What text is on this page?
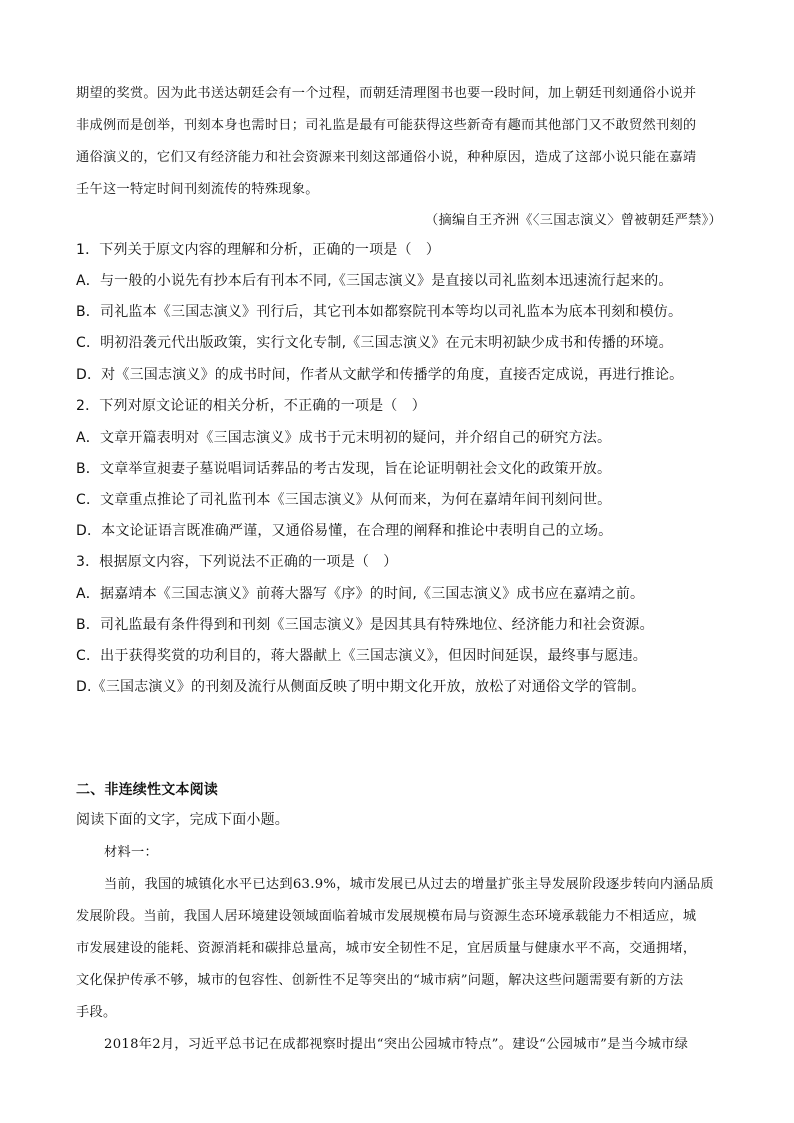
期望的奖赏。因为此书送达朝廷会有一个过程，而朝廷清理图书也要一段时间，加上朝廷刊刻通俗小说并

非成例而是创举，刊刻本身也需时日；司礼监是最有可能获得这些新奇有趣而其他部门又不敢贸然刊刻的

通俗演义的，它们又有经济能力和社会资源来刊刻这部通俗小说，种种原因，造成了这部小说只能在嘉靖

壬午这一特定时间刊刻流传的特殊现象。

（摘编自王齐洲《〈三国志演义〉曾被朝廷严禁》）

1．下列关于原文内容的理解和分析，正确的一项是（　）

A．与一般的小说先有抄本后有刊本不同,《三国志演义》是直接以司礼监刻本迅速流行起来的。

B．司礼监本《三国志演义》刊行后，其它刊本如都察院刊本等均以司礼监本为底本刊刻和模仿。

C．明初沿袭元代出版政策，实行文化专制,《三国志演义》在元末明初缺少成书和传播的环境。

D．对《三国志演义》的成书时间，作者从文献学和传播学的角度，直接否定成说，再进行推论。

2．下列对原文论证的相关分析，不正确的一项是（　）

A．文章开篇表明对《三国志演义》成书于元末明初的疑问，并介绍自己的研究方法。

B．文章举宣昶妻子墓说唱词话葬品的考古发现，旨在论证明朝社会文化的政策开放。

C．文章重点推论了司礼监刊本《三国志演义》从何而来，为何在嘉靖年间刊刻问世。

D．本文论证语言既准确严谨，又通俗易懂，在合理的阐释和推论中表明自己的立场。

3．根据原文内容，下列说法不正确的一项是（　）

A．据嘉靖本《三国志演义》前蒋大器写《序》的时间,《三国志演义》成书应在嘉靖之前。

B．司礼监最有条件得到和刊刻《三国志演义》是因其具有特殊地位、经济能力和社会资源。

C．出于获得奖赏的功利目的，蒋大器献上《三国志演义》，但因时间延误，最终事与愿违。

D.《三国志演义》的刊刻及流行从侧面反映了明中期文化开放，放松了对通俗文学的管制。

二、非连续性文本阅读

阅读下面的文字，完成下面小题。

材料一：

当前，我国的城镇化水平已达到63.9%，城市发展已从过去的增量扩张主导发展阶段逐步转向内涵品质

发展阶段。当前，我国人居环境建设领域面临着城市发展规模布局与资源生态环境承载能力不相适应，城

市发展建设的能耗、资源消耗和碳排总量高，城市安全韧性不足，宜居质量与健康水平不高，交通拥堵，

文化保护传承不够，城市的包容性、创新性不足等突出的“城市病”问题，解决这些问题需要有新的方法

手段。

2018年2月，习近平总书记在成都视察时提出“突出公园城市特点”。建设“公园城市”是当今城市绿
